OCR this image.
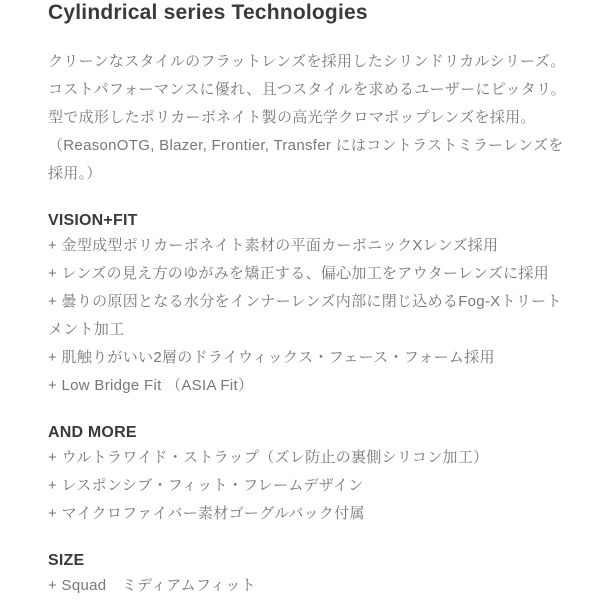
Cylindrical series Technologies
クリーンなスタイルのフラットレンズを採用したシリンドリカルシリーズ。
コストパフォーマンスに優れ、且つスタイルを求めるユーザーにピッタリ。
型で成形したポリカーボネイト製の高光学クロマポップレンズを採用。
（ReasonOTG, Blazer, Frontier, Transfer にはコントラストミラーレンズを
採用。）
VISION+FIT
+ 金型成型ポリカーボネイト素材の平面カーボニックXレンズ採用
+ レンズの見え方のゆがみを矯正する、偏心加工をアウターレンズに採用
+ 曇りの原因となる水分をインナーレンズ内部に閉じ込めるFog-Xトリート
メント加工
+ 肌触りがいい2層のドライウィックス・フェース・フォーム採用
+ Low Bridge Fit （ASIA Fit）
AND MORE
+ ウルトラワイド・ストラップ（ズレ防止の裏側シリコン加工）
+ レスポンシブ・フィット・フレームデザイン
+ マイクロファイバー素材ゴーグルバック付属
SIZE
+ Squad　ミディアムフィット
